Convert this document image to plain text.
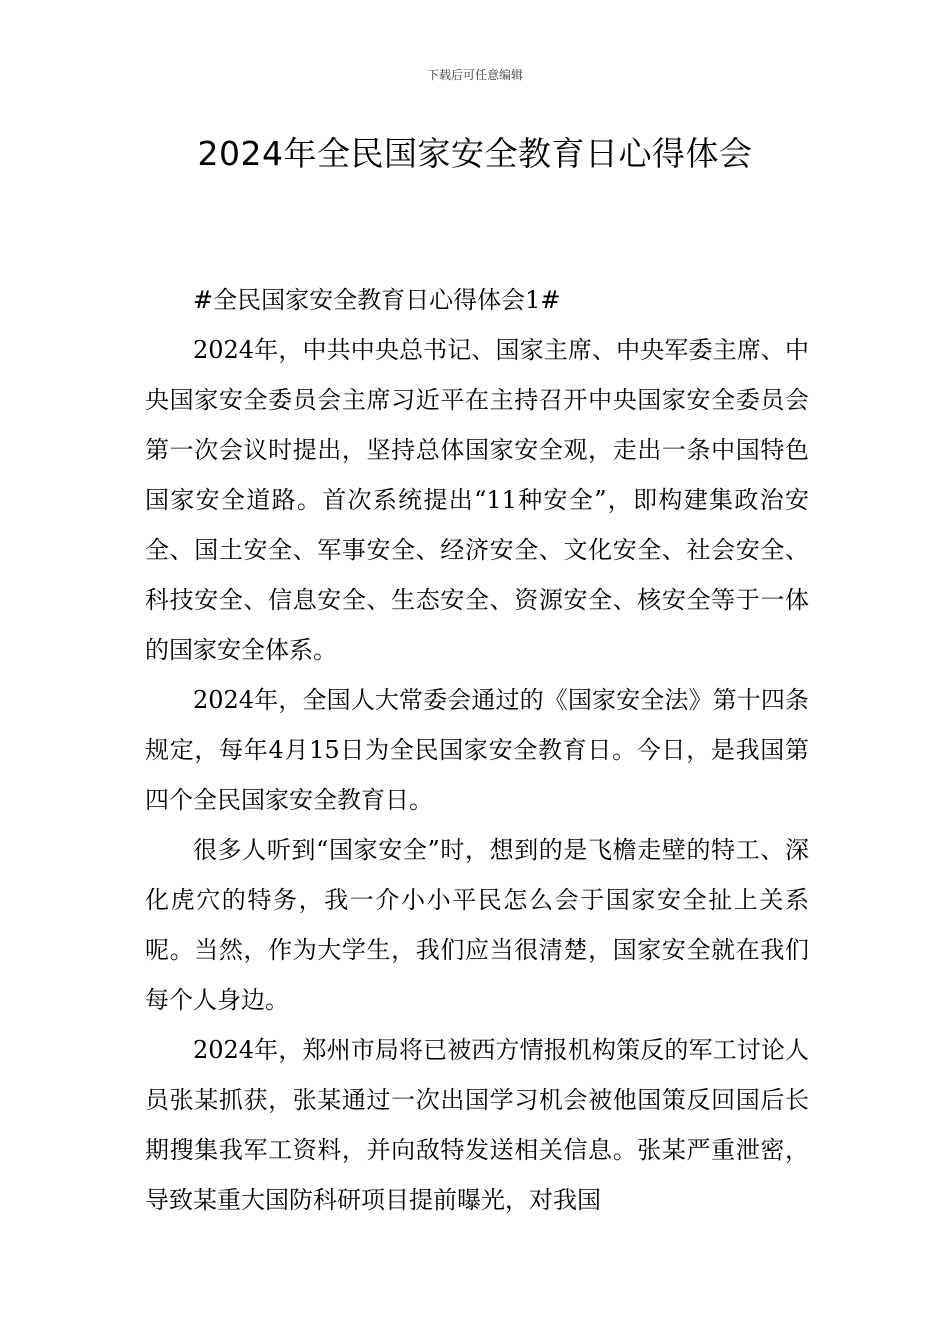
下载后可任意编辑
2024年全民国家安全教育日心得体会

#全民国家安全教育日心得体会1#

2024年，中共中央总书记、国家主席、中央军委主席、中央国家安全委员会主席习近平在主持召开中央国家安全委员会第一次会议时提出，坚持总体国家安全观，走出一条中国特色国家安全道路。首次系统提出“11种安全”，即构建集政治安全、国土安全、军事安全、经济安全、文化安全、社会安全、科技安全、信息安全、生态安全、资源安全、核安全等于一体的国家安全体系。

2024年，全国人大常委会通过的《国家安全法》第十四条规定，每年4月15日为全民国家安全教育日。今日，是我国第四个全民国家安全教育日。

很多人听到“国家安全”时，想到的是飞檐走壁的特工、深化虎穴的特务，我一介小小平民怎么会于国家安全扯上关系呢。当然，作为大学生，我们应当很清楚，国家安全就在我们每个人身边。

2024年，郑州市局将已被西方情报机构策反的军工讨论人员张某抓获，张某通过一次出国学习机会被他国策反回国后长期搜集我军工资料，并向敌特发送相关信息。张某严重泄密，导致某重大国防科研项目提前曝光，对我国
